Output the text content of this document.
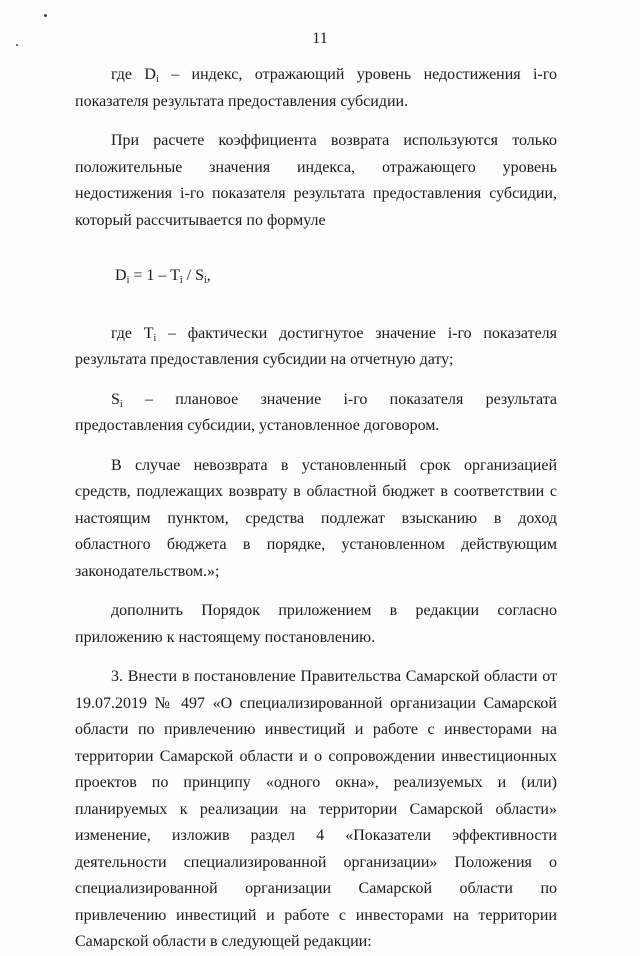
11

где $D_i$ – индекс, отражающий уровень недостижения i-го показателя результата предоставления субсидии.

При расчете коэффициента возврата используются только положительные значения индекса, отражающего уровень недостижения i-го показателя результата предоставления субсидии, который рассчитывается по формуле

$D_i = 1 - T_i / S_i$,

где $T_i$ – фактически достигнутое значение i-го показателя результата предоставления субсидии на отчетную дату;

$S_i$ – плановое значение i-го показателя результата предоставления субсидии, установленное договором.

В случае невозврата в установленный срок организацией средств, подлежащих возврату в областной бюджет в соответствии с настоящим пунктом, средства подлежат взысканию в доход областного бюджета в порядке, установленном действующим законодательством.»;

дополнить Порядок приложением в редакции согласно приложению к настоящему постановлению.

3. Внести в постановление Правительства Самарской области от 19.07.2019 № 497 «О специализированной организации Самарской области по привлечению инвестиций и работе с инвесторами на территории Самарской области и о сопровождении инвестиционных проектов по принципу «одного окна», реализуемых и (или) планируемых к реализации на территории Самарской области» изменение, изложив раздел 4 «Показатели эффективности деятельности специализированной организации» Положения о специализированной организации Самарской области по привлечению инвестиций и работе с инвесторами на территории Самарской области в следующей редакции:
